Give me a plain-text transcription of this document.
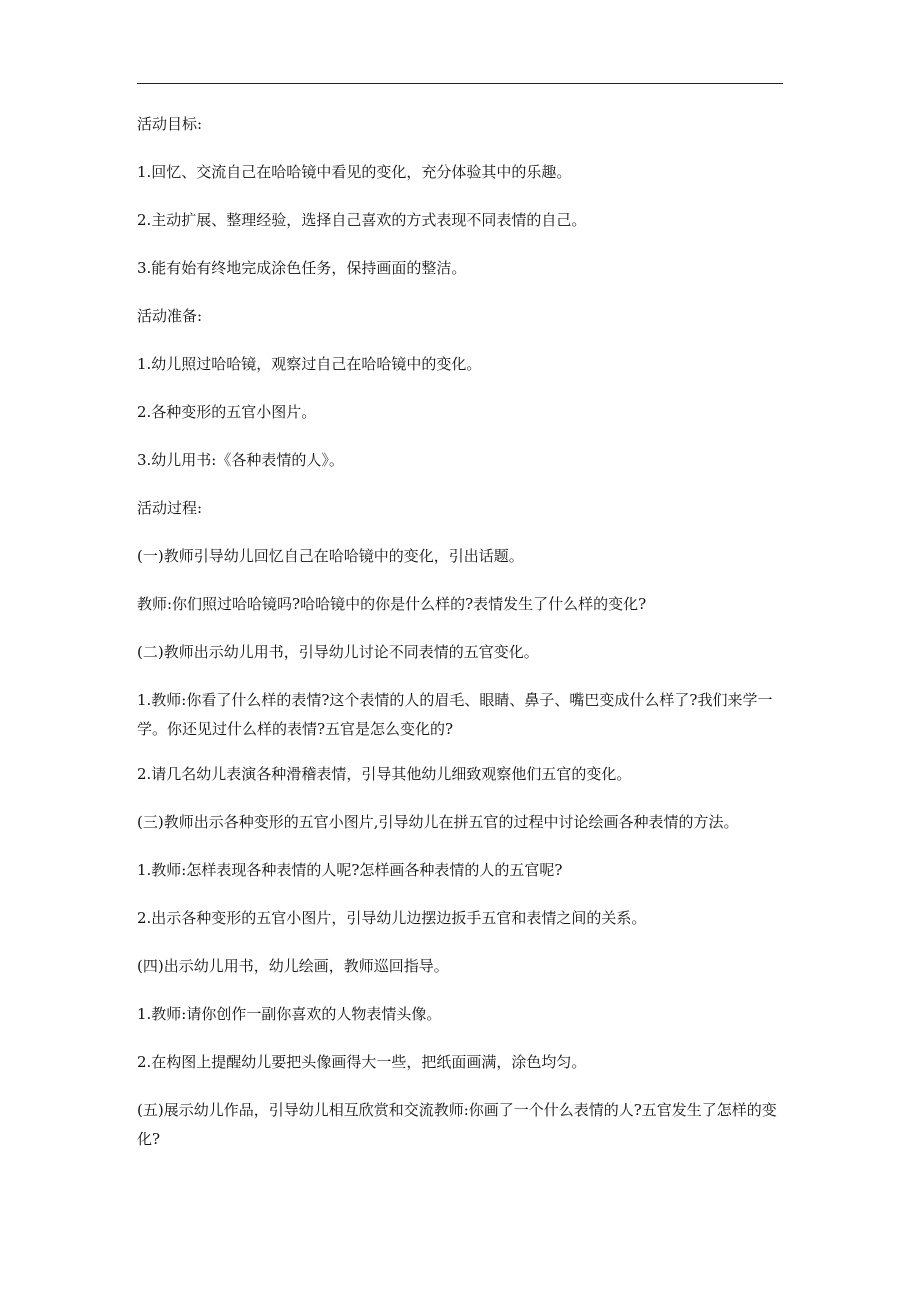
活动目标:

1.回忆、交流自己在哈哈镜中看见的变化，充分体验其中的乐趣。

2.主动扩展、整理经验，选择自己喜欢的方式表现不同表情的自己。

3.能有始有终地完成涂色任务，保持画面的整洁。

活动准备:

1.幼儿照过哈哈镜，观察过自己在哈哈镜中的变化。

2.各种变形的五官小图片。

3.幼儿用书:《各种表情的人》。

活动过程:

(一)教师引导幼儿回忆自己在哈哈镜中的变化，引出话题。

教师:你们照过哈哈镜吗?哈哈镜中的你是什么样的?表情发生了什么样的变化?

(二)教师出示幼儿用书，引导幼儿讨论不同表情的五官变化。

1.教师:你看了什么样的表情?这个表情的人的眉毛、眼睛、鼻子、嘴巴变成什么样了?我们来学一学。你还见过什么样的表情?五官是怎么变化的?

2.请几名幼儿表演各种滑稽表情，引导其他幼儿细致观察他们五官的变化。

(三)教师出示各种变形的五官小图片,引导幼儿在拼五官的过程中讨论绘画各种表情的方法。

1.教师:怎样表现各种表情的人呢?怎样画各种表情的人的五官呢?

2.出示各种变形的五官小图片，引导幼儿边摆边扳手五官和表情之间的关系。

(四)出示幼儿用书，幼儿绘画，教师巡回指导。

1.教师:请你创作一副你喜欢的人物表情头像。

2.在构图上提醒幼儿要把头像画得大一些，把纸面画满，涂色均匀。

(五)展示幼儿作品，引导幼儿相互欣赏和交流教师:你画了一个什么表情的人?五官发生了怎样的变化?
